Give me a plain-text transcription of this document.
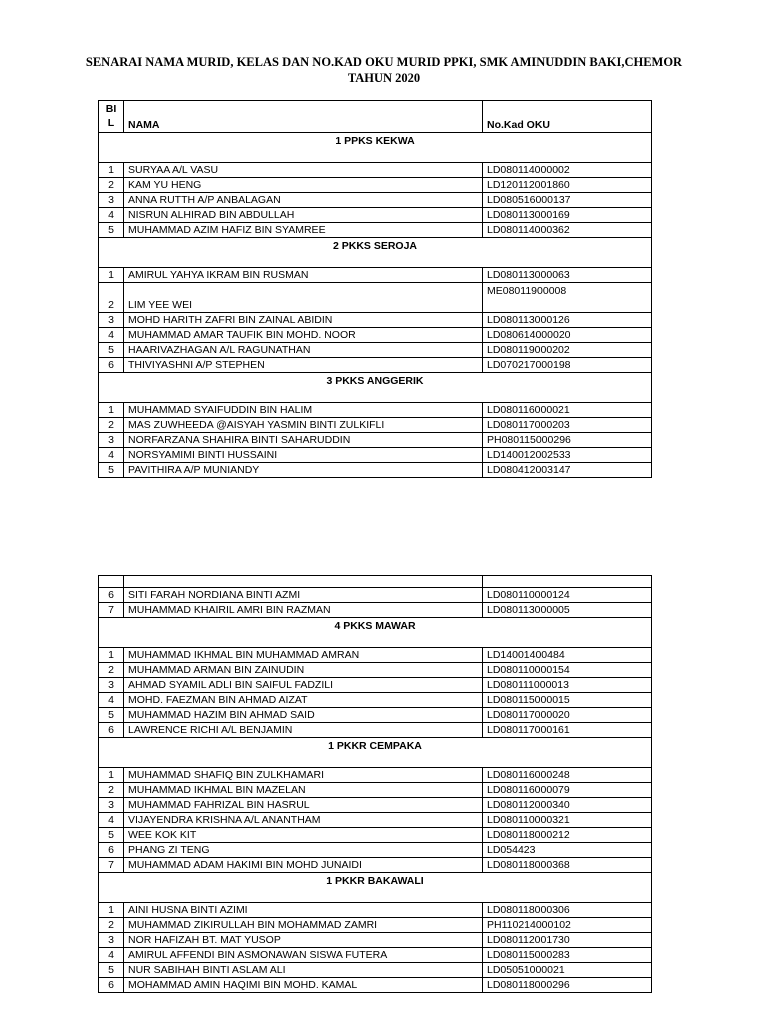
SENARAI NAMA MURID, KELAS DAN NO.KAD OKU MURID PPKI, SMK AMINUDDIN BAKI,CHEMOR
TAHUN 2020
BI
L	NAMA	No.Kad OKU
1 PPKS KEKWA		
1	SURYAA A/L VASU	LD080114000002
2	KAM YU HENG	LD120112001860
3	ANNA RUTTH A/P ANBALAGAN	LD080516000137
4	NISRUN ALHIRAD BIN ABDULLAH	LD080113000169
5	MUHAMMAD AZIM HAFIZ BIN SYAMREE	LD080114000362
2 PKKS SEROJA		
1	AMIRUL YAHYA IKRAM BIN RUSMAN	LD080113000063
2	LIM YEE WEI	ME08011900008
3	MOHD HARITH ZAFRI BIN ZAINAL ABIDIN	LD080113000126
4	MUHAMMAD AMAR TAUFIK BIN MOHD. NOOR	LD080614000020
5	HAARIVAZHAGAN A/L RAGUNATHAN	LD080119000202
6	THIVIYASHNI A/P STEPHEN	LD070217000198
3 PKKS ANGGERIK		
1	MUHAMMAD SYAIFUDDIN BIN HALIM	LD080116000021
2	MAS ZUWHEEDA @AISYAH YASMIN BINTI ZULKIFLI	LD080117000203
3	NORFARZANA SHAHIRA BINTI SAHARUDDIN	PH080115000296
4	NORSYAMIMI BINTI HUSSAINI	LD140012002533
5	PAVITHIRA A/P MUNIANDY	LD080412003147

6	SITI FARAH NORDIANA BINTI AZMI	LD080110000124
7	MUHAMMAD KHAIRIL AMRI BIN RAZMAN	LD080113000005
4 PKKS MAWAR		
1	MUHAMMAD IKHMAL BIN MUHAMMAD AMRAN	LD14001400484
2	MUHAMMAD ARMAN BIN ZAINUDIN	LD080110000154
3	AHMAD SYAMIL ADLI BIN SAIFUL FADZILI	LD080111000013
4	MOHD. FAEZMAN BIN AHMAD AIZAT	LD080115000015
5	MUHAMMAD HAZIM BIN AHMAD SAID	LD080117000020
6	LAWRENCE RICHI A/L BENJAMIN	LD080117000161
1 PKKR CEMPAKA		
1	MUHAMMAD SHAFIQ BIN ZULKHAMARI	LD080116000248
2	MUHAMMAD IKHMAL BIN MAZELAN	LD080116000079
3	MUHAMMAD FAHRIZAL BIN HASRUL	LD080112000340
4	VIJAYENDRA KRISHNA A/L ANANTHAM	LD080110000321
5	WEE KOK KIT	LD080118000212
6	PHANG ZI TENG	LD054423
7	MUHAMMAD ADAM HAKIMI BIN MOHD JUNAIDI	LD080118000368
1 PKKR BAKAWALI		
1	AINI HUSNA BINTI AZIMI	LD080118000306
2	MUHAMMAD ZIKIRULLAH BIN MOHAMMAD ZAMRI	PH110214000102
3	NOR HAFIZAH BT. MAT YUSOP	LD080112001730
4	AMIRUL AFFENDI BIN ASMONAWAN SISWA FUTERA	LD080115000283
5	NUR SABIHAH BINTI ASLAM ALI	LD05051000021
6	MOHAMMAD AMIN HAQIMI BIN MOHD. KAMAL	LD080118000296
